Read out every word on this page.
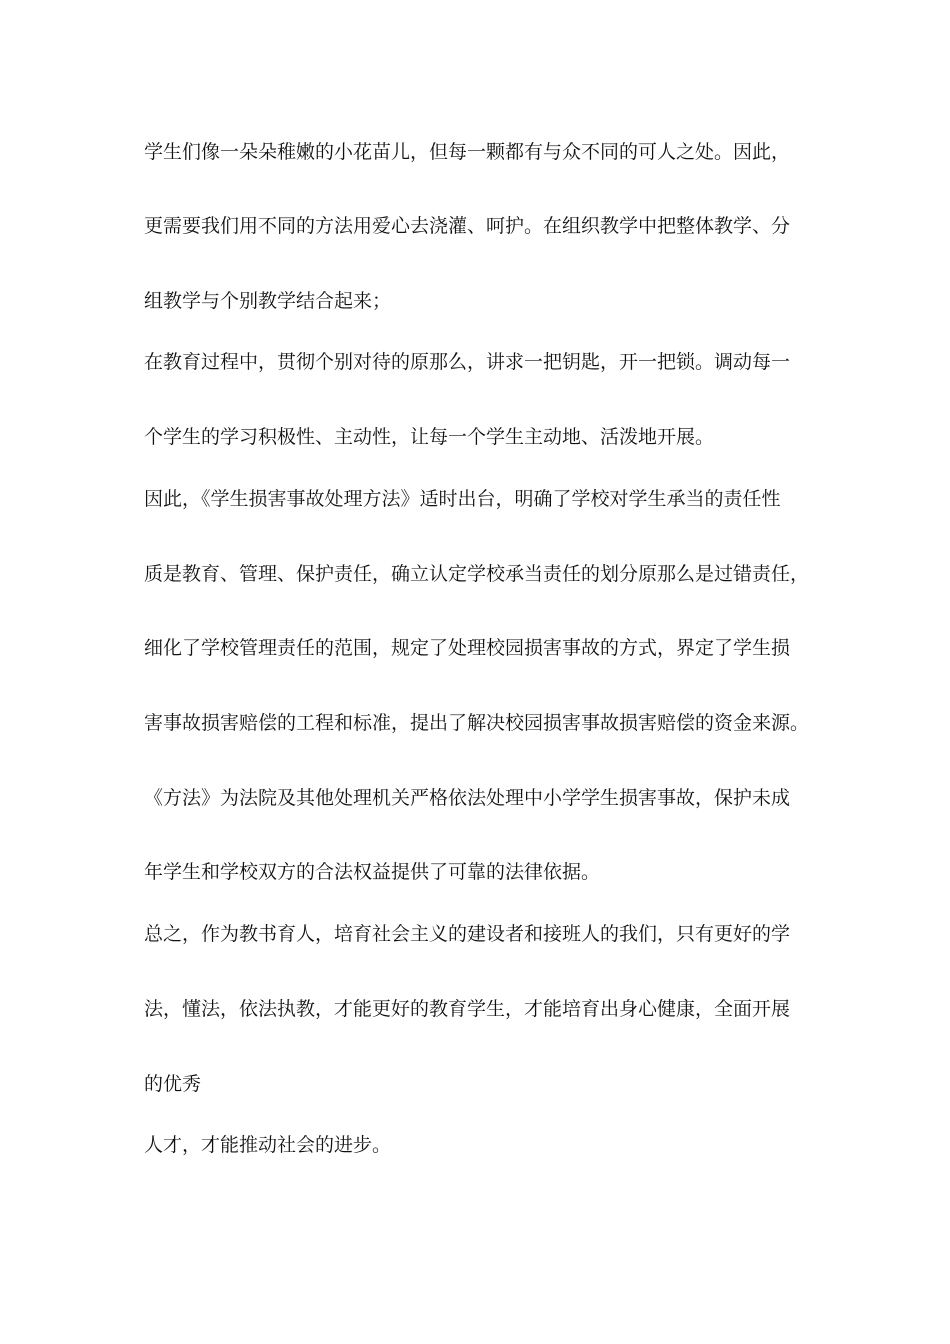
学生们像一朵朵稚嫩的小花苗儿，但每一颗都有与众不同的可人之处。因此，
更需要我们用不同的方法用爱心去浇灌、呵护。在组织教学中把整体教学、分
组教学与个别教学结合起来；
在教育过程中，贯彻个别对待的原那么，讲求一把钥匙，开一把锁。调动每一
个学生的学习积极性、主动性，让每一个学生主动地、活泼地开展。
因此，《学生损害事故处理方法》适时出台，明确了学校对学生承当的责任性
质是教育、管理、保护责任，确立认定学校承当责任的划分原那么是过错责任，
细化了学校管理责任的范围，规定了处理校园损害事故的方式，界定了学生损
害事故损害赔偿的工程和标准，提出了解决校园损害事故损害赔偿的资金来源。
《方法》为法院及其他处理机关严格依法处理中小学学生损害事故，保护未成
年学生和学校双方的合法权益提供了可靠的法律依据。
总之，作为教书育人，培育社会主义的建设者和接班人的我们，只有更好的学
法，懂法，依法执教，才能更好的教育学生，才能培育出身心健康，全面开展
的优秀
人才，才能推动社会的进步。
